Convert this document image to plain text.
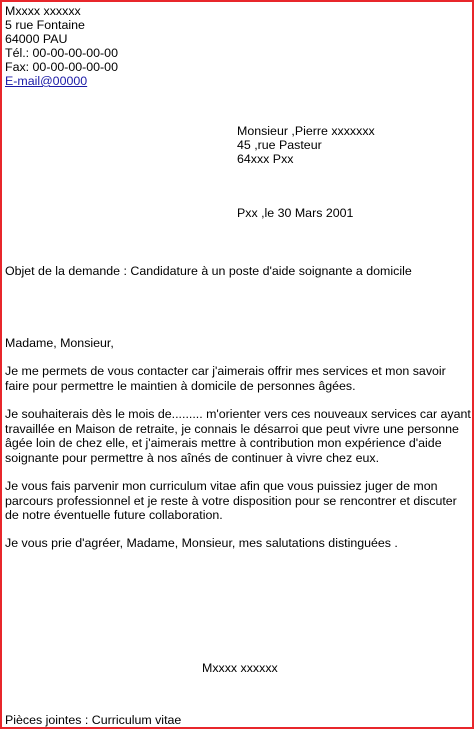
Mxxxx xxxxxx
5 rue Fontaine
64000 PAU
Tél.: 00-00-00-00-00
Fax: 00-00-00-00-00
E-mail@00000
Monsieur ,Pierre xxxxxxx
45 ,rue Pasteur
64xxx Pxx
Pxx ,le 30 Mars 2001
Objet de la demande : Candidature à un poste d'aide soignante a domicile
Madame, Monsieur,
Je me permets de vous contacter car j'aimerais offrir mes services et mon savoir faire pour permettre le maintien à domicile de personnes âgées.
Je souhaiterais dès le mois de......... m'orienter vers ces nouveaux services car ayant travaillée en Maison de retraite, je connais le désarroi que peut vivre une personne âgée loin de chez elle, et j'aimerais mettre à contribution mon expérience d'aide soignante pour permettre à nos aînés de continuer à vivre chez eux.
Je vous fais parvenir mon curriculum vitae afin que vous puissiez juger de mon parcours professionnel et je reste à votre disposition pour se rencontrer et discuter de notre éventuelle future collaboration.
Je vous prie d'agréer, Madame, Monsieur, mes salutations distinguées .
Mxxxx xxxxxx
Pièces jointes : Curriculum vitae
